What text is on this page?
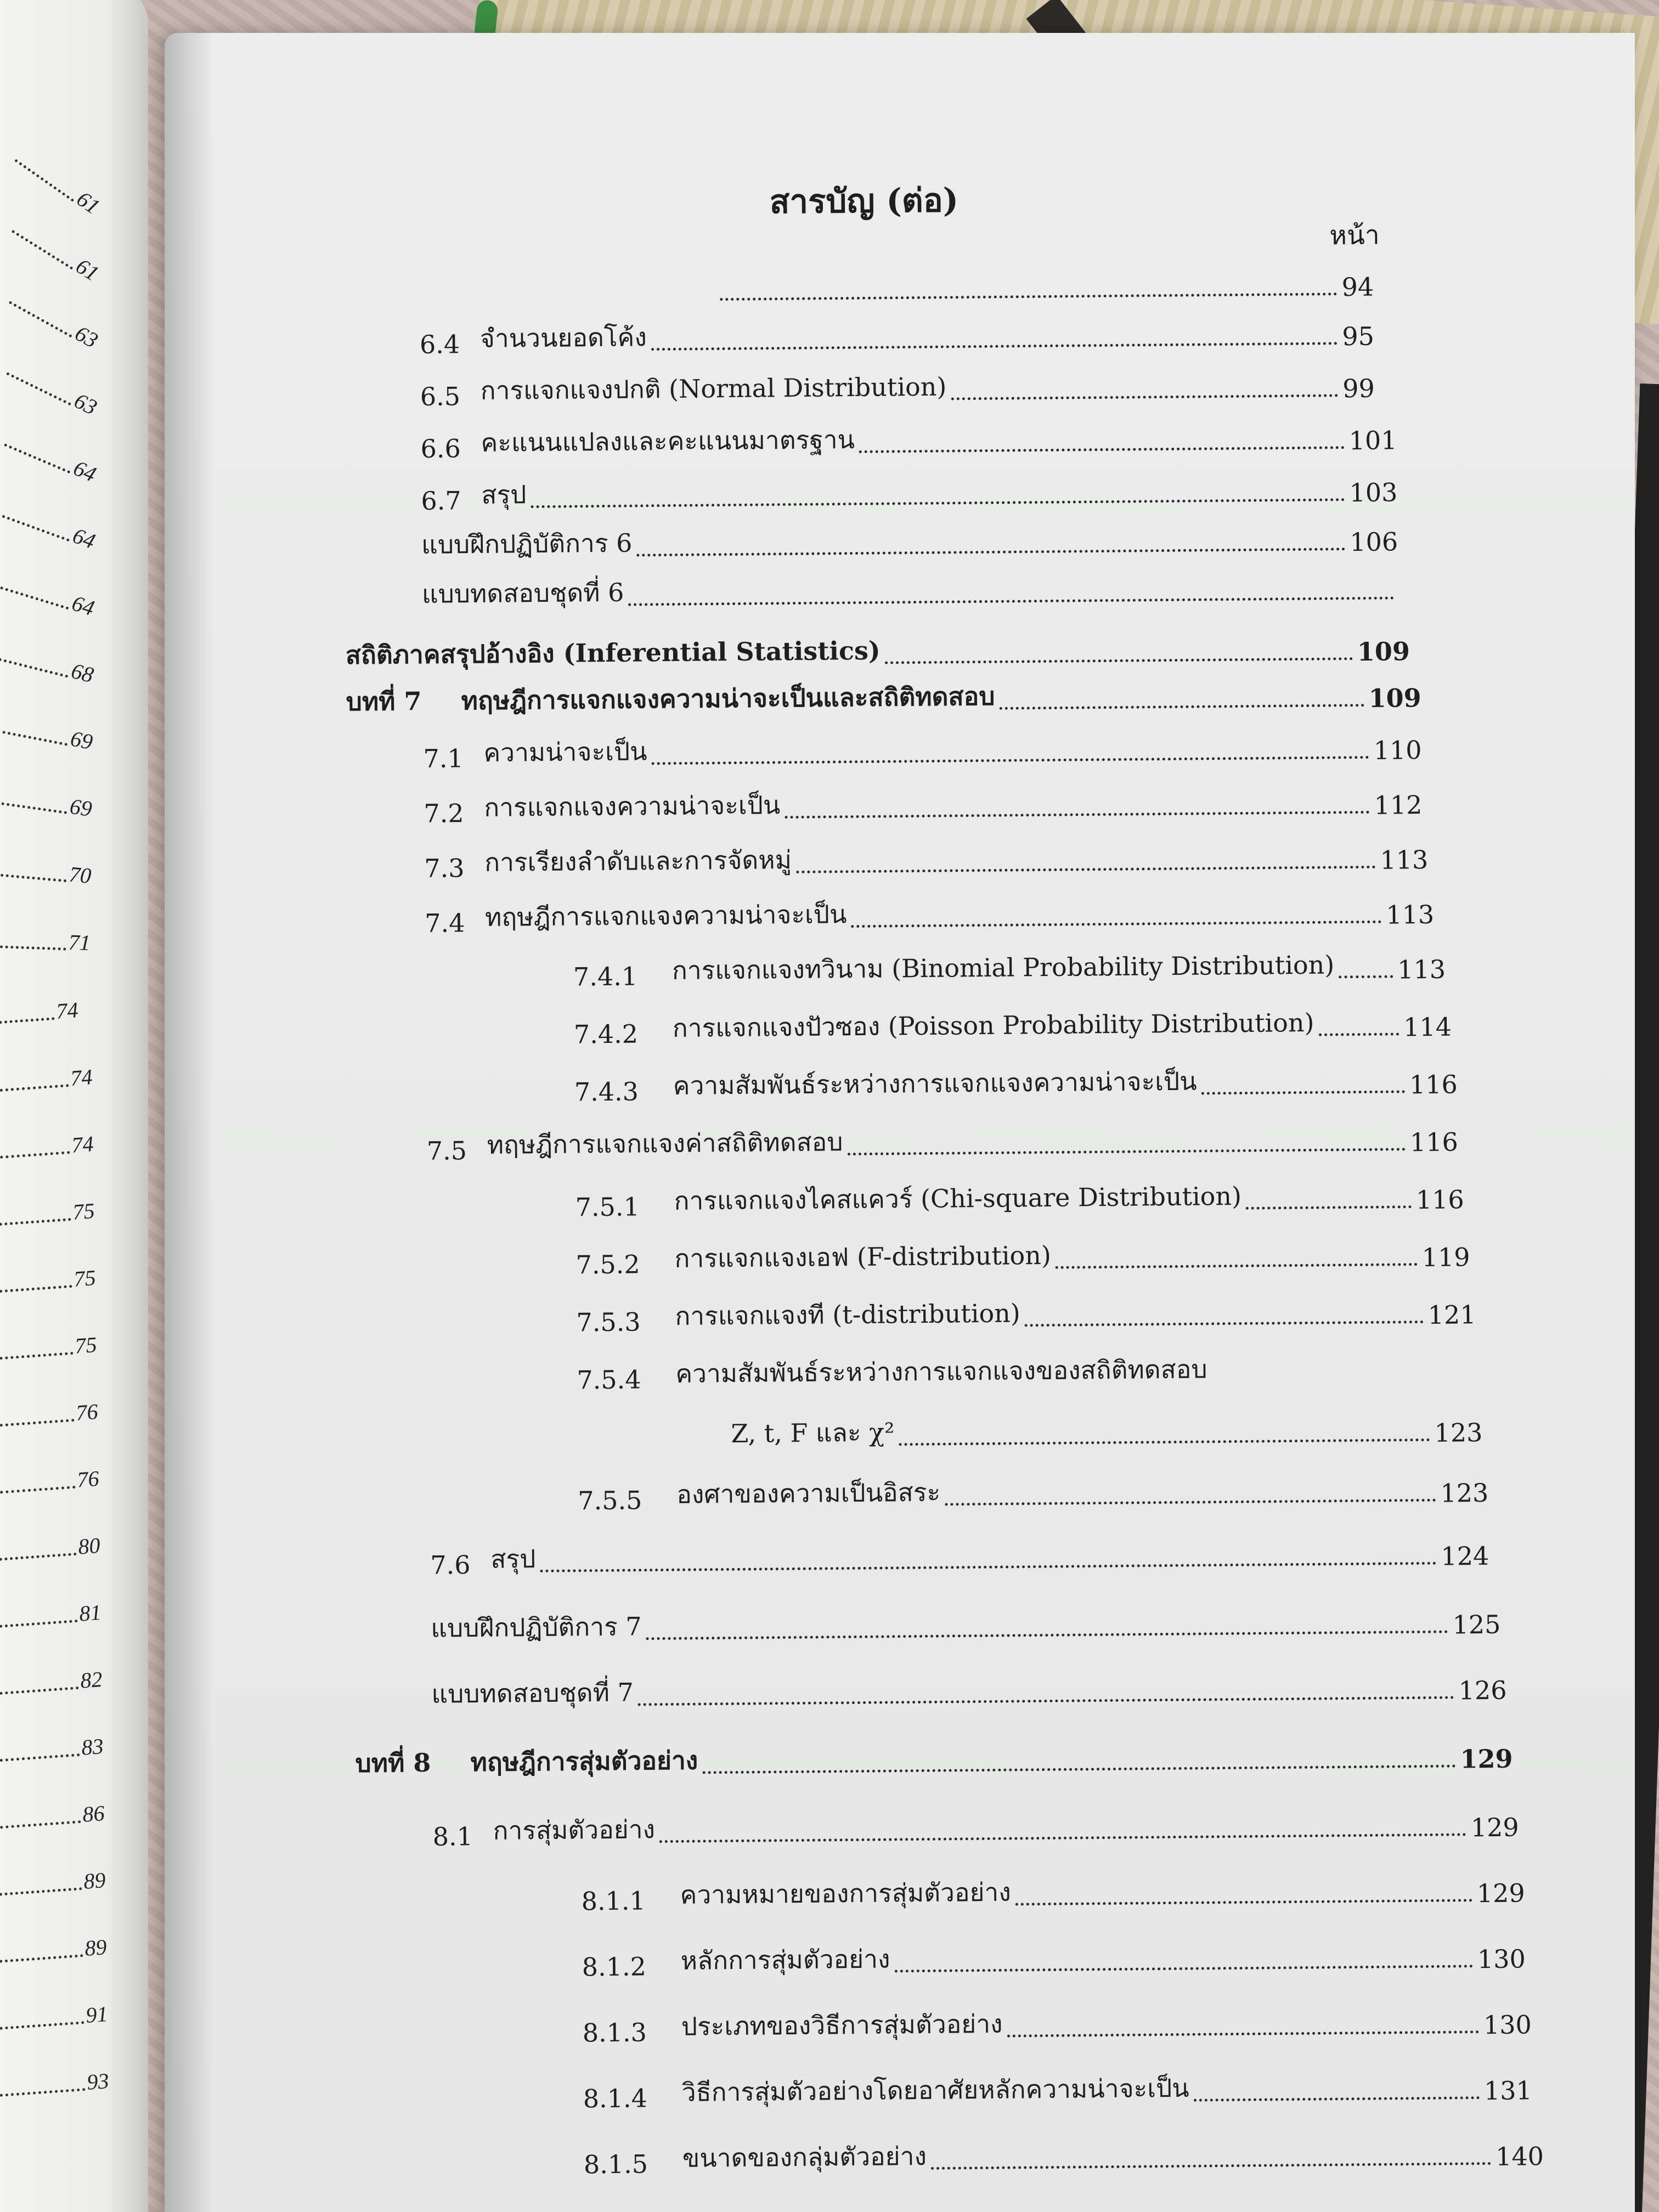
61
61
63
63
64
64
64
68
69
69
70
71
74
74
74
75
75
75
76
76
80
81
82
83
86
89
89
91
93
สารบัญ (ต่อ)
หน้า
94
6.4 จำนวนยอดโค้ง	95
6.5 การแจกแจงปกติ (Normal Distribution)	99
6.6 คะแนนแปลงและคะแนนมาตรฐาน	101
6.7 สรุป	103
แบบฝึกปฏิบัติการ 6	106
แบบทดสอบชุดที่ 6
สถิติภาคสรุปอ้างอิง (Inferential Statistics)	109
บทที่ 7	ทฤษฎีการแจกแจงความน่าจะเป็นและสถิติทดสอบ	109
7.1 ความน่าจะเป็น	110
7.2 การแจกแจงความน่าจะเป็น	112
7.3 การเรียงลำดับและการจัดหมู่	113
7.4 ทฤษฎีการแจกแจงความน่าจะเป็น	113
7.4.1	การแจกแจงทวินาม (Binomial Probability Distribution) 113
7.4.2	การแจกแจงปัวซอง (Poisson Probability Distribution)	114
7.4.3	ความสัมพันธ์ระหว่างการแจกแจงความน่าจะเป็น	116
7.5 ทฤษฎีการแจกแจงค่าสถิติทดสอบ	116
7.5.1	การแจกแจงไคสแควร์ (Chi-square Distribution)	116
7.5.2	การแจกแจงเอฟ (F-distribution)	119
7.5.3	การแจกแจงที (t-distribution)	121
7.5.4	ความสัมพันธ์ระหว่างการแจกแจงของสถิติทดสอบ
Z, t, F และ χ²	123
7.5.5	องศาของความเป็นอิสระ	123
7.6 สรุป	124
แบบฝึกปฏิบัติการ 7	125
แบบทดสอบชุดที่ 7	126
บทที่ 8	ทฤษฎีการสุ่มตัวอย่าง	129
8.1 การสุ่มตัวอย่าง	129
8.1.1	ความหมายของการสุ่มตัวอย่าง	129
8.1.2	หลักการสุ่มตัวอย่าง	130
8.1.3	ประเภทของวิธีการสุ่มตัวอย่าง	130
8.1.4	วิธีการสุ่มตัวอย่างโดยอาศัยหลักความน่าจะเป็น	131
8.1.5	ขนาดของกลุ่มตัวอย่าง	140
